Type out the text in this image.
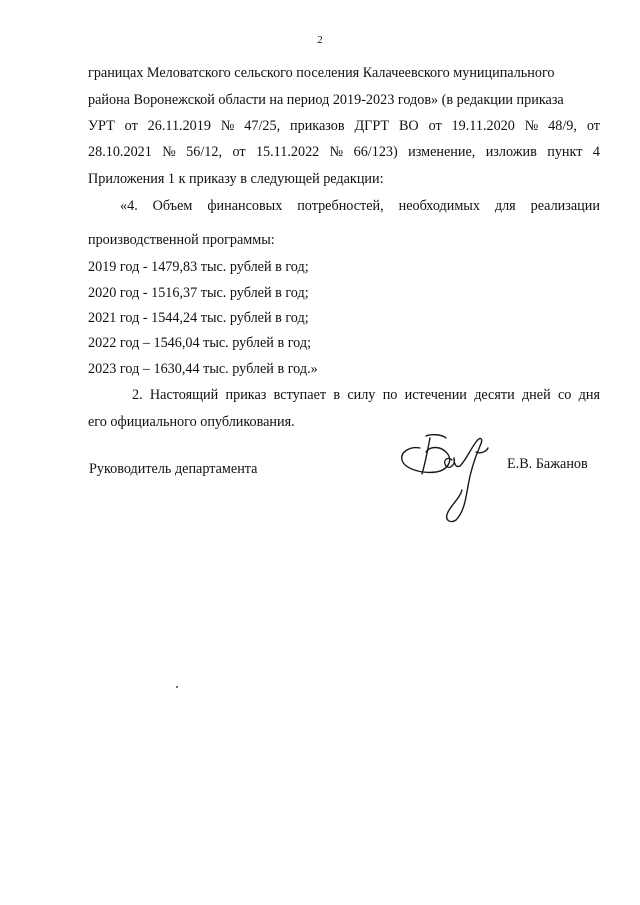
2
границах Меловатского сельского поселения Калачеевского муниципального
района Воронежской области на период 2019-2023 годов» (в редакции приказа
УРТ от 26.11.2019 № 47/25, приказов ДГРТ ВО от 19.11.2020 № 48/9, от
28.10.2021 № 56/12, от 15.11.2022 № 66/123) изменение, изложив пункт 4
Приложения 1 к приказу в следующей редакции:
«4. Объем финансовых потребностей, необходимых для реализации
производственной программы:
2019 год - 1479,83 тыс. рублей в год;
2020 год - 1516,37 тыс. рублей в год;
2021 год - 1544,24 тыс. рублей в год;
2022 год – 1546,04 тыс. рублей в год;
2023 год – 1630,44 тыс. рублей в год.»
2. Настоящий приказ вступает в силу по истечении десяти дней со дня
его официального опубликования.
Руководитель департамента	Е.В. Бажанов
